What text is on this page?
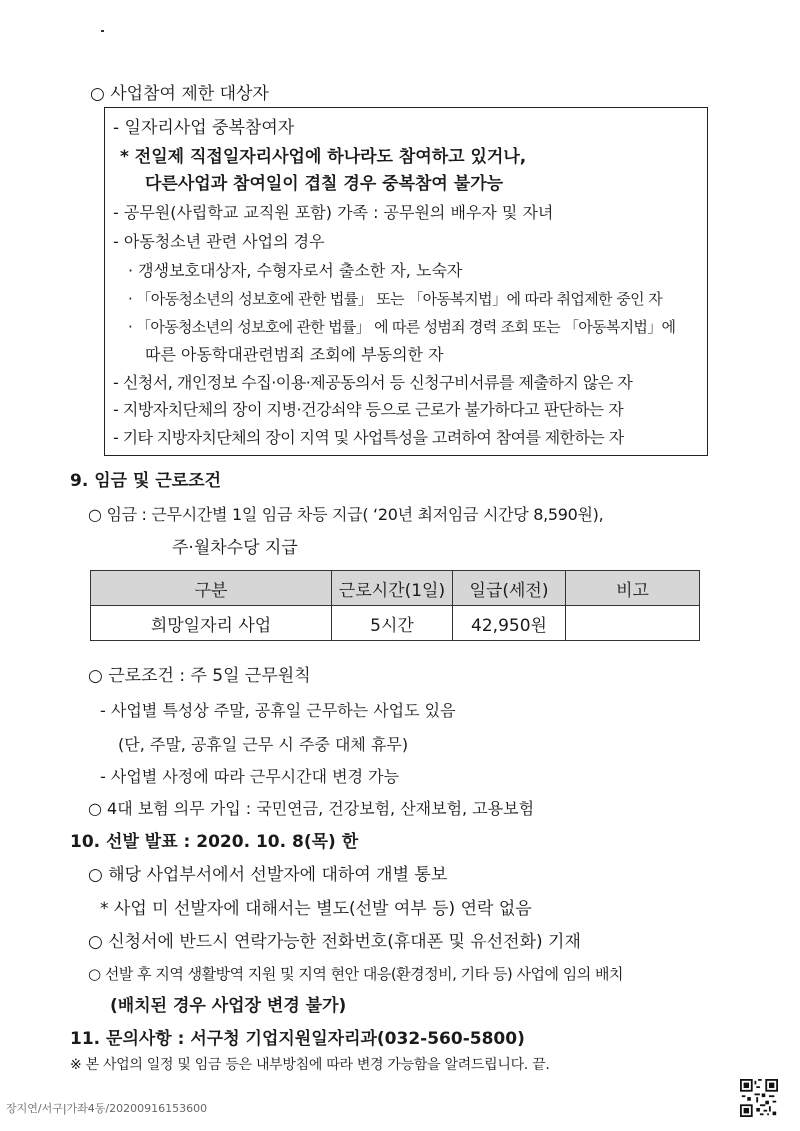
○ 사업참여 제한 대상자
- 일자리사업 중복참여자
* 전일제 직접일자리사업에 하나라도 참여하고 있거나,
다른사업과 참여일이 겹칠 경우 중복참여 불가능
- 공무원(사립학교 교직원 포함) 가족 : 공무원의 배우자 및 자녀
- 아동청소년 관련 사업의 경우
· 갱생보호대상자, 수형자로서 출소한 자, 노숙자
· 「아동청소년의 성보호에 관한 법률」 또는 「아동복지법」에 따라 취업제한 중인 자
· 「아동청소년의 성보호에 관한 법률」 에 따른 성범죄 경력 조회 또는 「아동복지법」에
따른 아동학대관련범죄 조회에 부동의한 자
- 신청서, 개인정보 수집·이용·제공동의서 등 신청구비서류를 제출하지 않은 자
- 지방자치단체의 장이 지병·건강쇠약 등으로 근로가 불가하다고 판단하는 자
- 기타 지방자치단체의 장이 지역 및 사업특성을 고려하여 참여를 제한하는 자
9. 임금 및 근로조건
○ 임금 : 근무시간별 1일 임금 차등 지급( ‘20년 최저임금 시간당 8,590원),
주·월차수당 지급
구분	근로시간(1일)	일급(세전)	비고
희망일자리 사업	5시간	42,950원	
○ 근로조건 : 주 5일 근무원칙
- 사업별 특성상 주말, 공휴일 근무하는 사업도 있음
(단, 주말, 공휴일 근무 시 주중 대체 휴무)
- 사업별 사정에 따라 근무시간대 변경 가능
○ 4대 보험 의무 가입 : 국민연금, 건강보험, 산재보험, 고용보험
10. 선발 발표 : 2020. 10. 8(목) 한
○ 해당 사업부서에서 선발자에 대하여 개별 통보
* 사업 미 선발자에 대해서는 별도(선발 여부 등) 연락 없음
○ 신청서에 반드시 연락가능한 전화번호(휴대폰 및 유선전화) 기재
○ 선발 후 지역 생활방역 지원 및 지역 현안 대응(환경정비, 기타 등) 사업에 임의 배치
(배치된 경우 사업장 변경 불가)
11. 문의사항 : 서구청 기업지원일자리과(032-560-5800)
※ 본 사업의 일정 및 임금 등은 내부방침에 따라 변경 가능함을 알려드립니다. 끝.
장지연/서구|가좌4동/20200916153600
